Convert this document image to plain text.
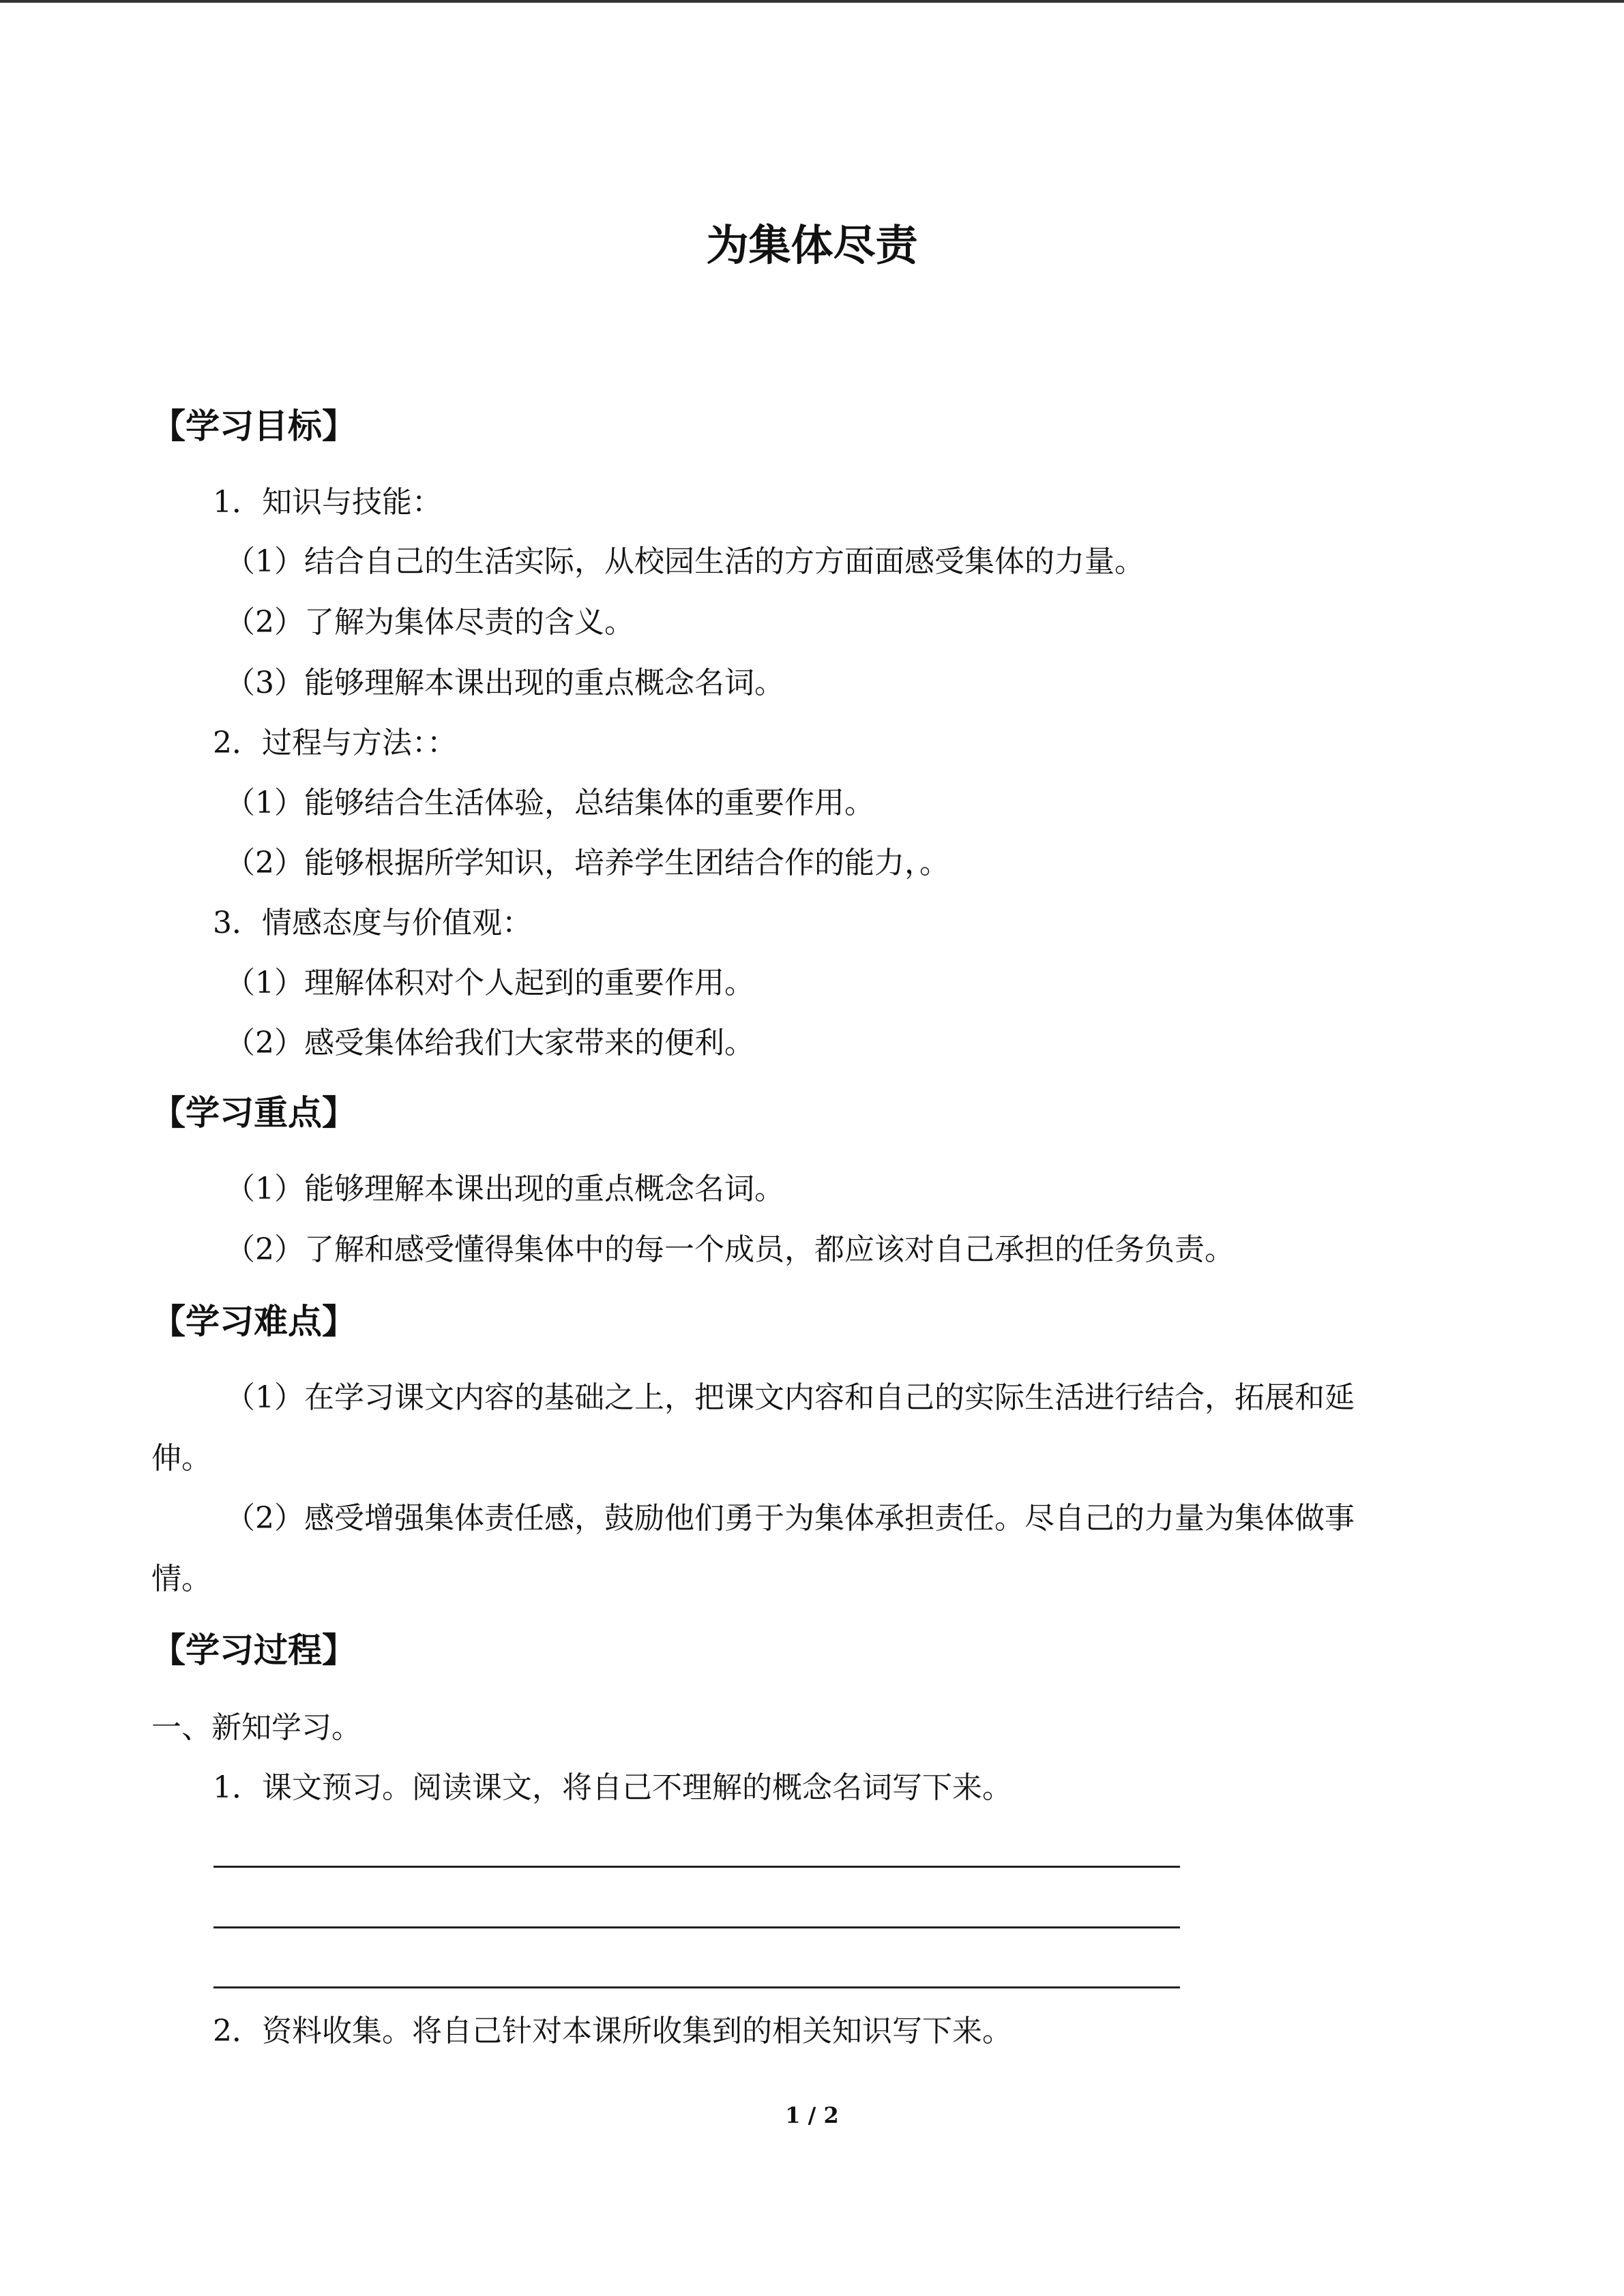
为集体尽责
【学习目标】
1．知识与技能：
（1）结合自己的生活实际，从校园生活的方方面面感受集体的力量。
（2）了解为集体尽责的含义。
（3）能够理解本课出现的重点概念名词。
2．过程与方法：：
（1）能够结合生活体验，总结集体的重要作用。
（2）能够根据所学知识，培养学生团结合作的能力，。
3．情感态度与价值观：
（1）理解体积对个人起到的重要作用。
（2）感受集体给我们大家带来的便利。
【学习重点】
（1）能够理解本课出现的重点概念名词。
（2）了解和感受懂得集体中的每一个成员，都应该对自己承担的任务负责。
【学习难点】
（1）在学习课文内容的基础之上，把课文内容和自己的实际生活进行结合，拓展和延
伸。
（2）感受增强集体责任感，鼓励他们勇于为集体承担责任。尽自己的力量为集体做事
情。
【学习过程】
一、新知学习。
1．课文预习。阅读课文，将自己不理解的概念名词写下来。
2．资料收集。将自己针对本课所收集到的相关知识写下来。
1 / 2
